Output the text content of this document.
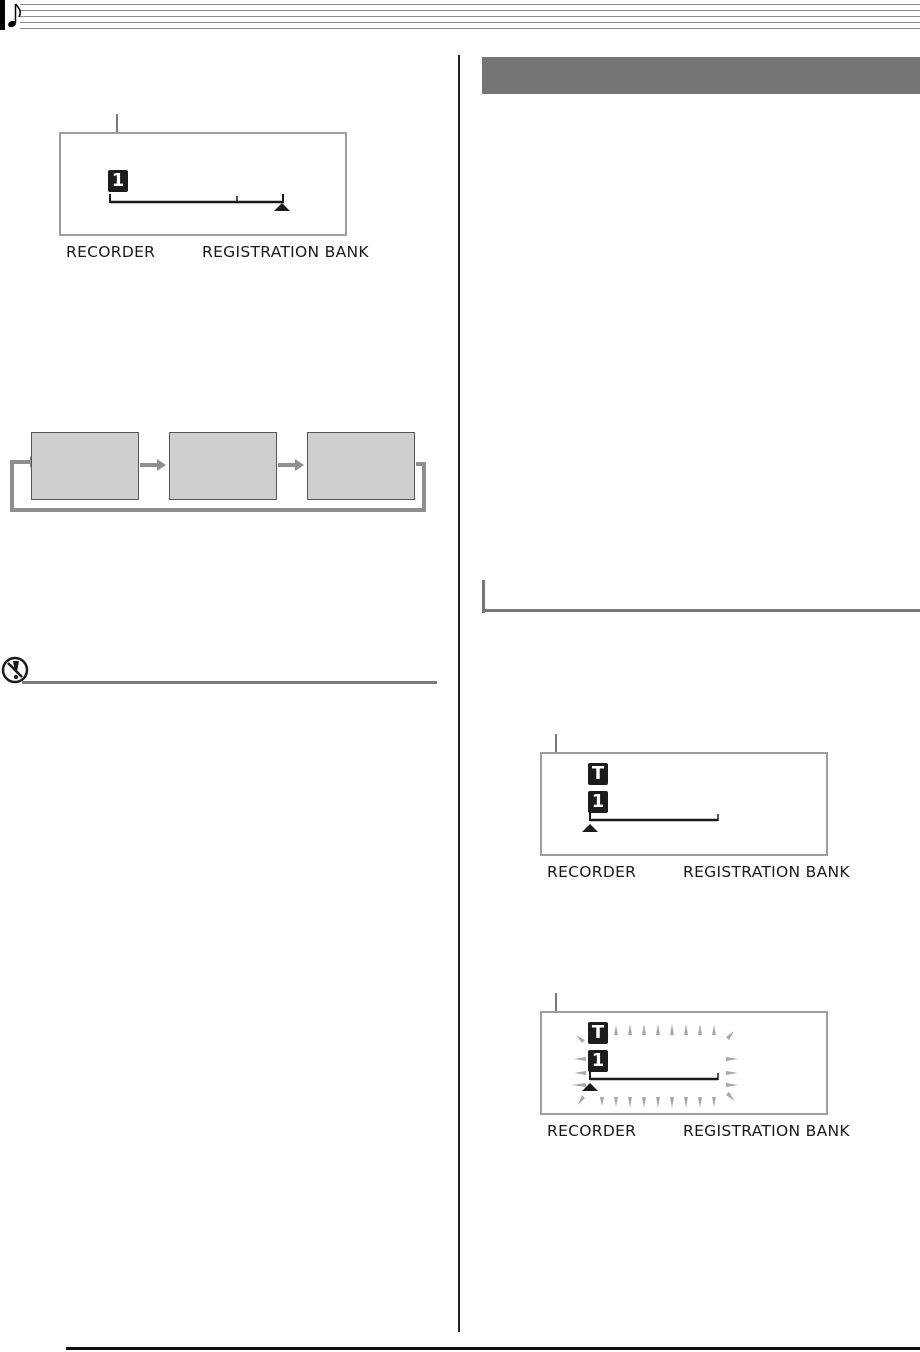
1
RECORDER	REGISTRATION BANK
T
1
RECORDER	REGISTRATION BANK
T
1
RECORDER	REGISTRATION BANK
